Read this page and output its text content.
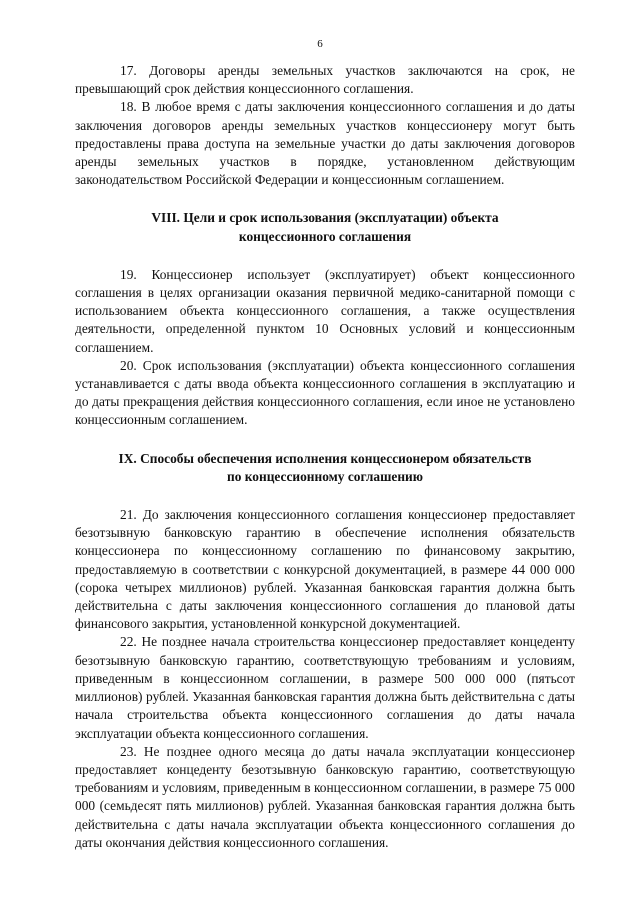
6

17. Договоры аренды земельных участков заключаются на срок, не превышающий срок действия концессионного соглашения.

18. В любое время с даты заключения концессионного соглашения и до даты заключения договоров аренды земельных участков концессионеру могут быть предоставлены права доступа на земельные участки до даты заключения договоров аренды земельных участков в порядке, установленном действующим законодательством Российской Федерации и концессионным соглашением.

VIII. Цели и срок использования (эксплуатации) объекта
концессионного соглашения

19. Концессионер использует (эксплуатирует) объект концессионного соглашения в целях организации оказания первичной медико-санитарной помощи с использованием объекта концессионного соглашения, а также осуществления деятельности, определенной пунктом 10 Основных условий и концессионным соглашением.

20. Срок использования (эксплуатации) объекта концессионного соглашения устанавливается с даты ввода объекта концессионного соглашения в эксплуатацию и до даты прекращения действия концессионного соглашения, если иное не установлено концессионным соглашением.

IX. Способы обеспечения исполнения концессионером обязательств
по концессионному соглашению

21. До заключения концессионного соглашения концессионер предоставляет безотзывную банковскую гарантию в обеспечение исполнения обязательств концессионера по концессионному соглашению по финансовому закрытию, предоставляемую в соответствии с конкурсной документацией, в размере 44 000 000 (сорока четырех миллионов) рублей. Указанная банковская гарантия должна быть действительна с даты заключения концессионного соглашения до плановой даты финансового закрытия, установленной конкурсной документацией.

22. Не позднее начала строительства концессионер предоставляет концеденту безотзывную банковскую гарантию, соответствующую требованиям и условиям, приведенным в концессионном соглашении, в размере 500 000 000 (пятьсот миллионов) рублей. Указанная банковская гарантия должна быть действительна с даты начала строительства объекта концессионного соглашения до даты начала эксплуатации объекта концессионного соглашения.

23. Не позднее одного месяца до даты начала эксплуатации концессионер предоставляет концеденту безотзывную банковскую гарантию, соответствующую требованиям и условиям, приведенным в концессионном соглашении, в размере 75 000 000 (семьдесят пять миллионов) рублей. Указанная банковская гарантия должна быть действительна с даты начала эксплуатации объекта концессионного соглашения до даты окончания действия концессионного соглашения.
